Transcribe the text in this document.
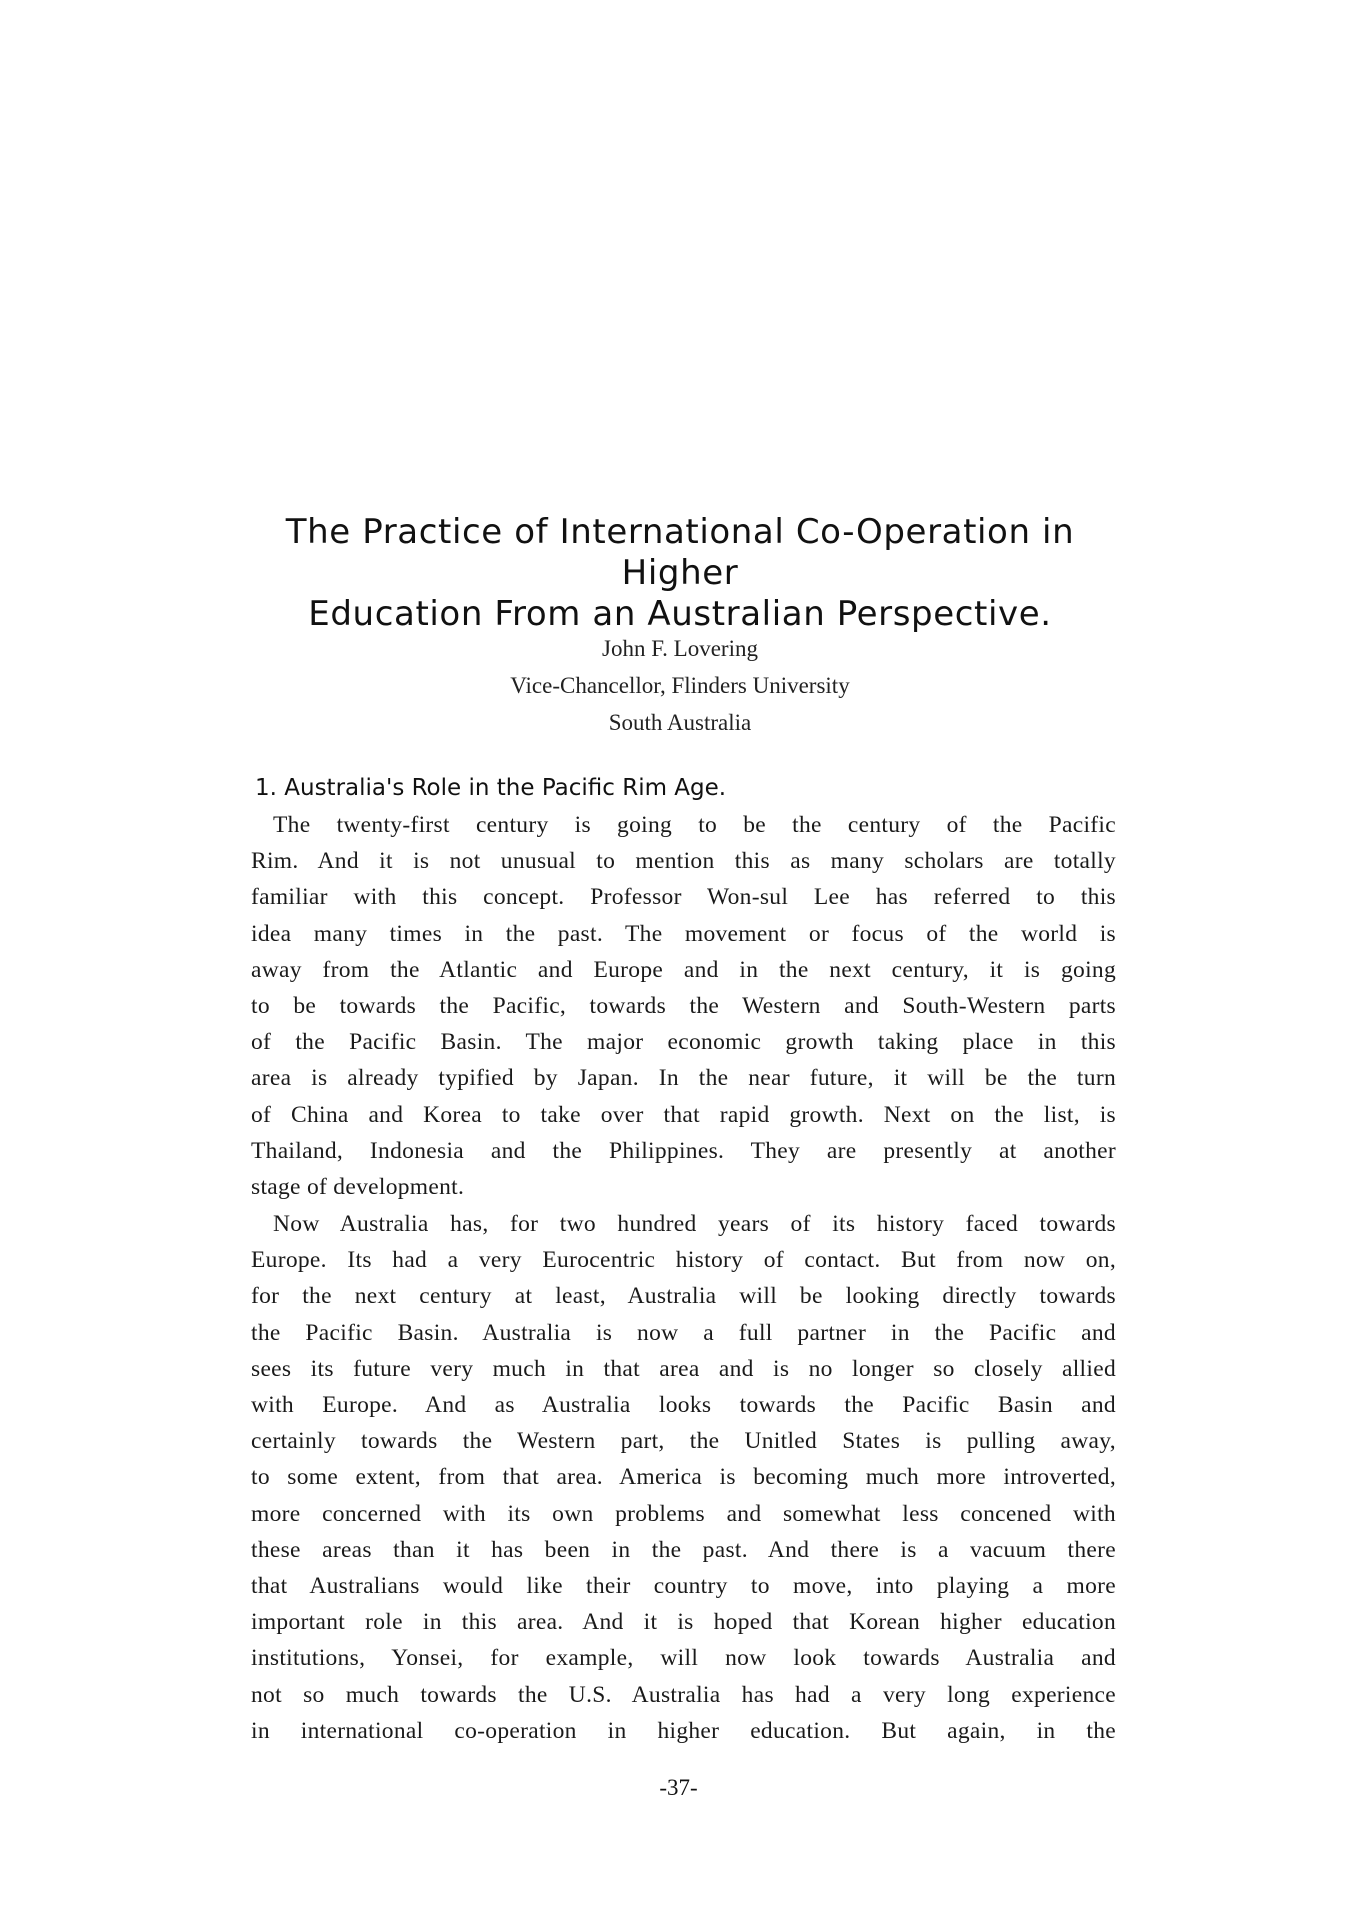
The Practice of International Co-Operation in Higher
Education From an Australian Perspective.
John F. Lovering
Vice-Chancellor, Flinders University
South Australia
1. Australia's Role in the Pacific Rim Age.
The twenty-first century is going to be the century of the Pacific
Rim. And it is not unusual to mention this as many scholars are totally
familiar with this concept. Professor Won-sul Lee has referred to this
idea many times in the past. The movement or focus of the world is
away from the Atlantic and Europe and in the next century, it is going
to be towards the Pacific, towards the Western and South-Western parts
of the Pacific Basin. The major economic growth taking place in this
area is already typified by Japan. In the near future, it will be the turn
of China and Korea to take over that rapid growth. Next on the list, is
Thailand, Indonesia and the Philippines. They are presently at another
stage of development.
Now Australia has, for two hundred years of its history faced towards
Europe. Its had a very Eurocentric history of contact. But from now on,
for the next century at least, Australia will be looking directly towards
the Pacific Basin. Australia is now a full partner in the Pacific and
sees its future very much in that area and is no longer so closely allied
with Europe. And as Australia looks towards the Pacific Basin and
certainly towards the Western part, the Unitled States is pulling away,
to some extent, from that area. America is becoming much more introverted,
more concerned with its own problems and somewhat less concened with
these areas than it has been in the past. And there is a vacuum there
that Australians would like their country to move, into playing a more
important role in this area. And it is hoped that Korean higher education
institutions, Yonsei, for example, will now look towards Australia and
not so much towards the U.S. Australia has had a very long experience
in international co-operation in higher education. But again, in the
-37-
